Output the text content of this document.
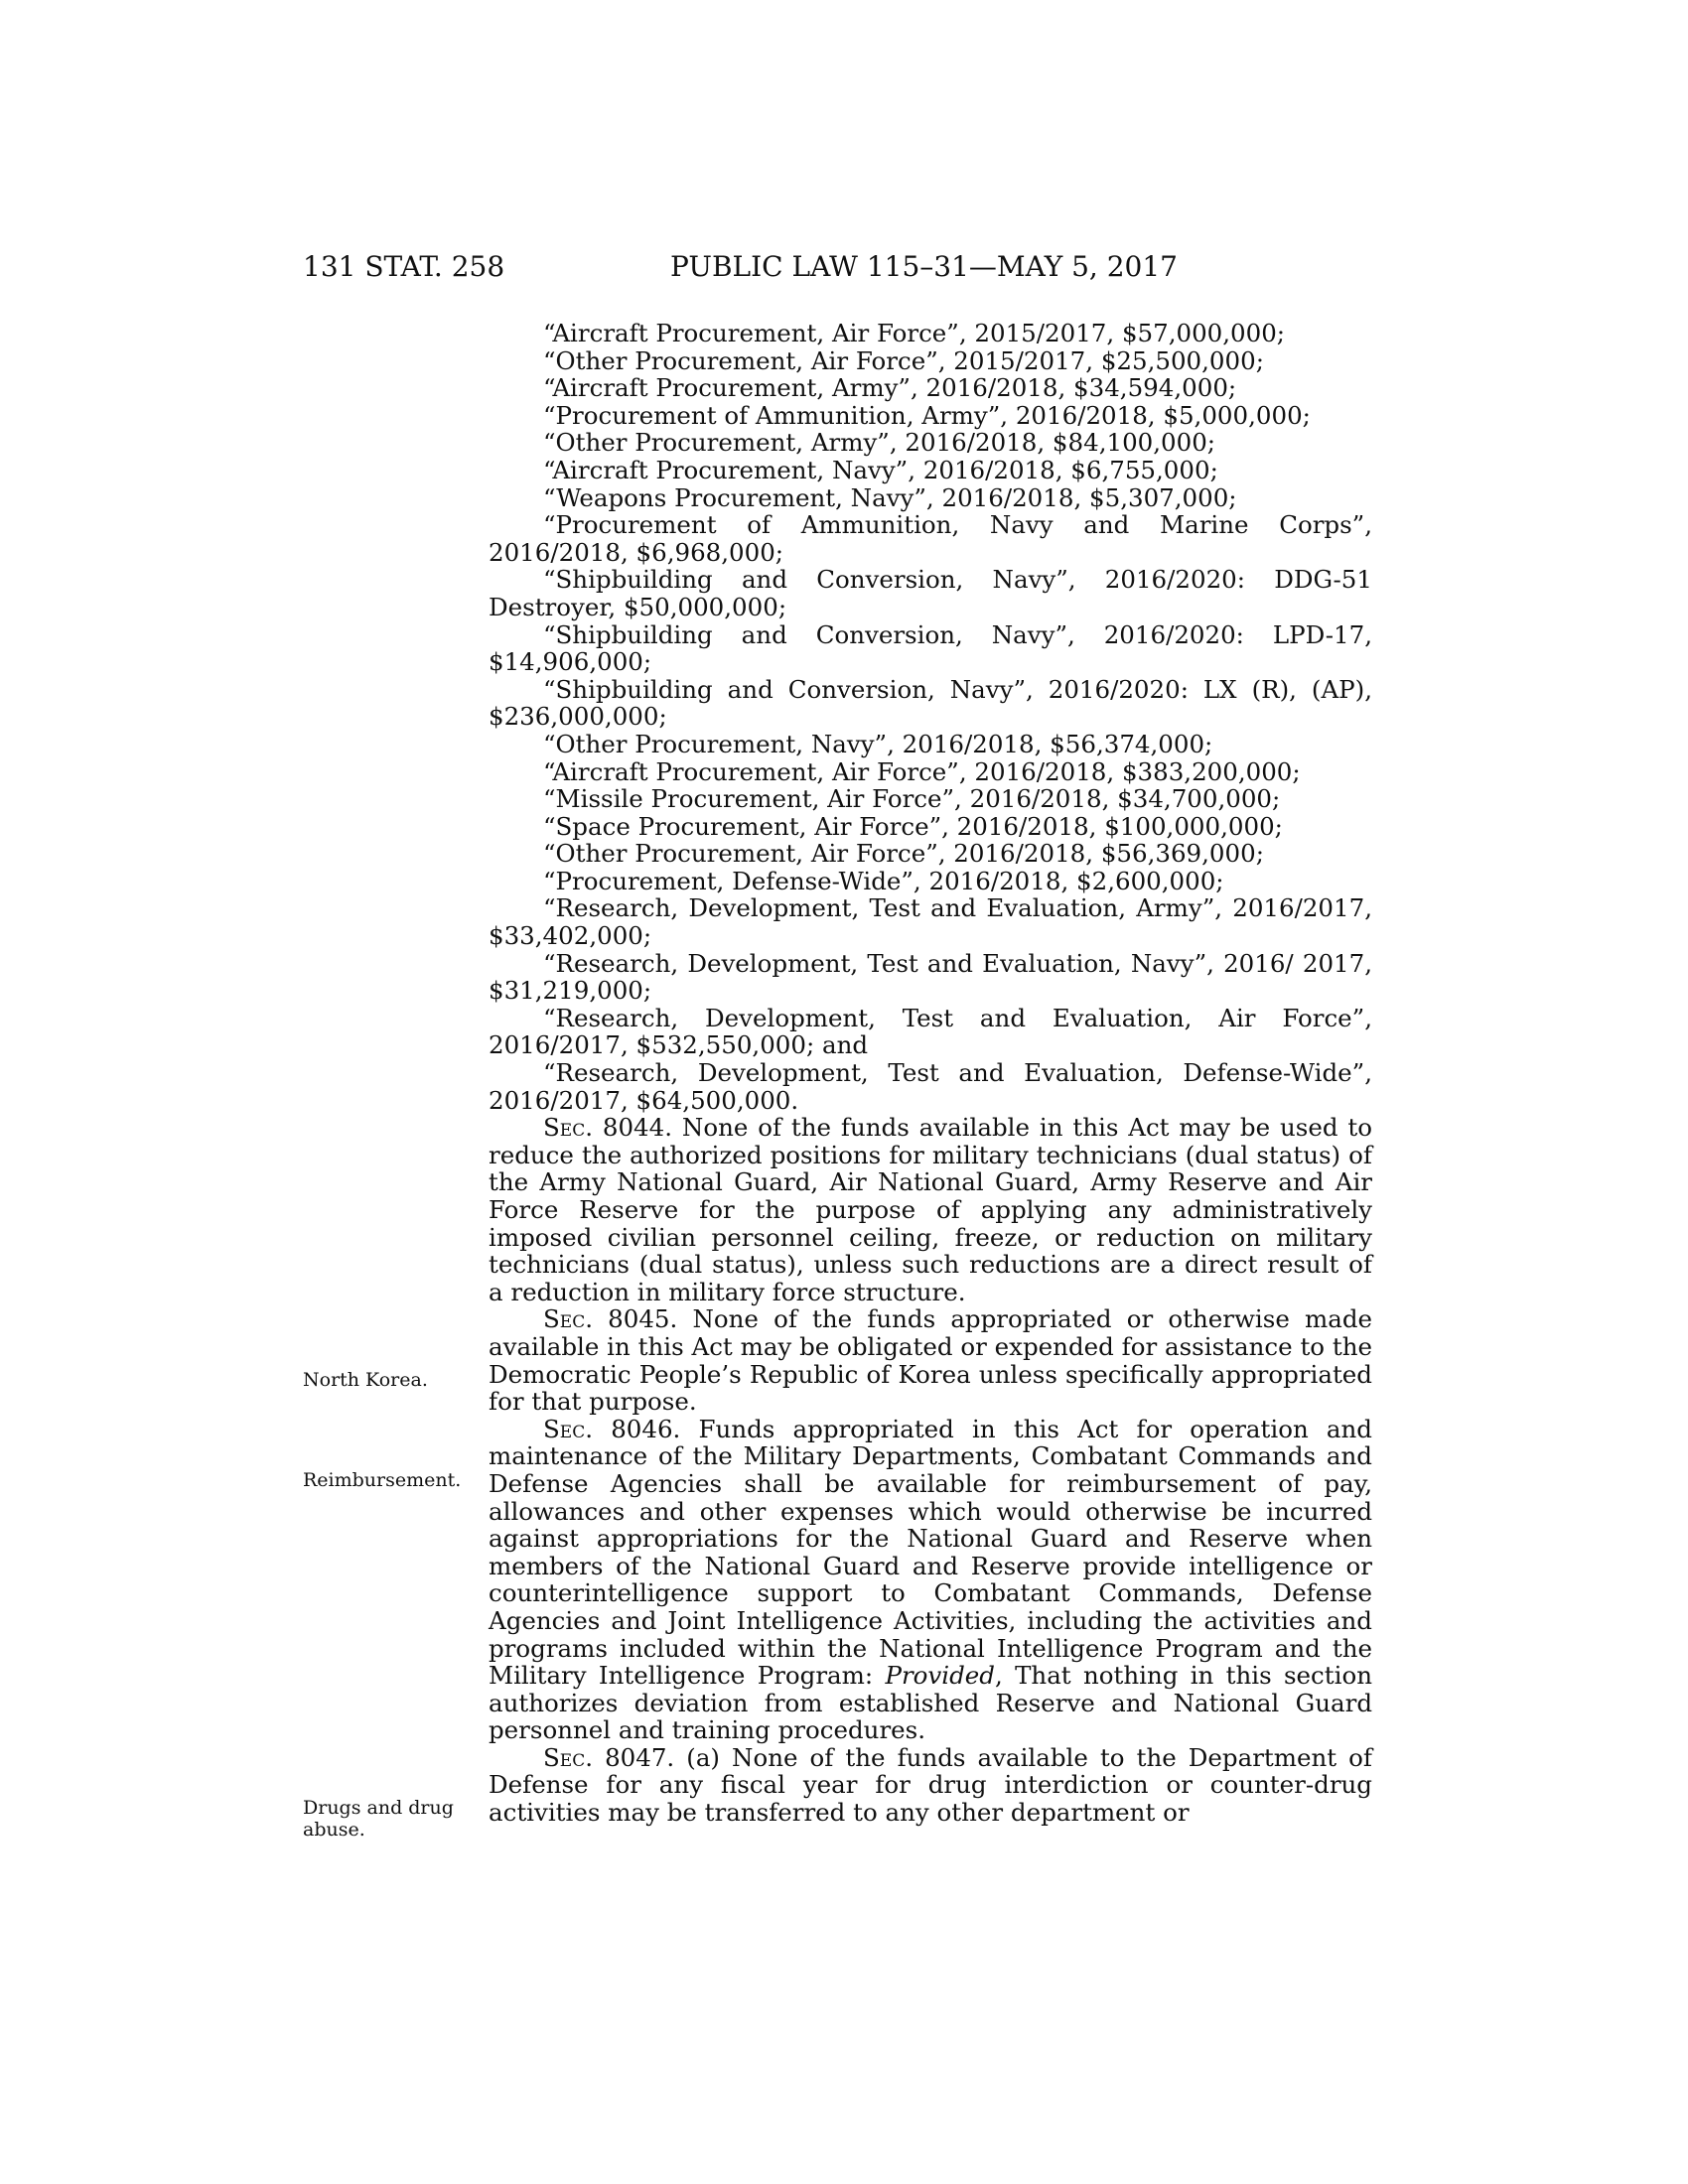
131 STAT. 258	PUBLIC LAW 115–31—MAY 5, 2017
North Korea.
Reimbursement.
Drugs and drug abuse.

“Aircraft Procurement, Air Force”, 2015/2017, $57,000,000;

“Other Procurement, Air Force”, 2015/2017, $25,500,000;

“Aircraft Procurement, Army”, 2016/2018, $34,594,000;

“Procurement of Ammunition, Army”, 2016/2018, $5,000,000;

“Other Procurement, Army”, 2016/2018, $84,100,000;

“Aircraft Procurement, Navy”, 2016/2018, $6,755,000;

“Weapons Procurement, Navy”, 2016/2018, $5,307,000;

“Procurement of Ammunition, Navy and Marine Corps”, 2016/2018, $6,968,000;

“Shipbuilding and Conversion, Navy”, 2016/2020: DDG-51 Destroyer, $50,000,000;

“Shipbuilding and Conversion, Navy”, 2016/2020: LPD-17, $14,906,000;

“Shipbuilding and Conversion, Navy”, 2016/2020: LX (R), (AP), $236,000,000;

“Other Procurement, Navy”, 2016/2018, $56,374,000;

“Aircraft Procurement, Air Force”, 2016/2018, $383,200,000;

“Missile Procurement, Air Force”, 2016/2018, $34,700,000;

“Space Procurement, Air Force”, 2016/2018, $100,000,000;

“Other Procurement, Air Force”, 2016/2018, $56,369,000;

“Procurement, Defense-Wide”, 2016/2018, $2,600,000;

“Research, Development, Test and Evaluation, Army”, 2016/2017, $33,402,000;

“Research, Development, Test and Evaluation, Navy”, 2016/ 2017, $31,219,000;

“Research, Development, Test and Evaluation, Air Force”, 2016/2017, $532,550,000; and

“Research, Development, Test and Evaluation, Defense-Wide”, 2016/2017, $64,500,000.

Sec. 8044. None of the funds available in this Act may be used to reduce the authorized positions for military technicians (dual status) of the Army National Guard, Air National Guard, Army Reserve and Air Force Reserve for the purpose of applying any administratively imposed civilian personnel ceiling, freeze, or reduction on military technicians (dual status), unless such reductions are a direct result of a reduction in military force structure.

Sec. 8045. None of the funds appropriated or otherwise made available in this Act may be obligated or expended for assistance to the Democratic People’s Republic of Korea unless specifically appropriated for that purpose.

Sec. 8046. Funds appropriated in this Act for operation and maintenance of the Military Departments, Combatant Commands and Defense Agencies shall be available for reimbursement of pay, allowances and other expenses which would otherwise be incurred against appropriations for the National Guard and Reserve when members of the National Guard and Reserve provide intelligence or counterintelligence support to Combatant Commands, Defense Agencies and Joint Intelligence Activities, including the activities and programs included within the National Intelligence Program and the Military Intelligence Program: Provided, That nothing in this section authorizes deviation from established Reserve and National Guard personnel and training procedures.

Sec. 8047. (a) None of the funds available to the Department of Defense for any fiscal year for drug interdiction or counter-drug activities may be transferred to any other department or
